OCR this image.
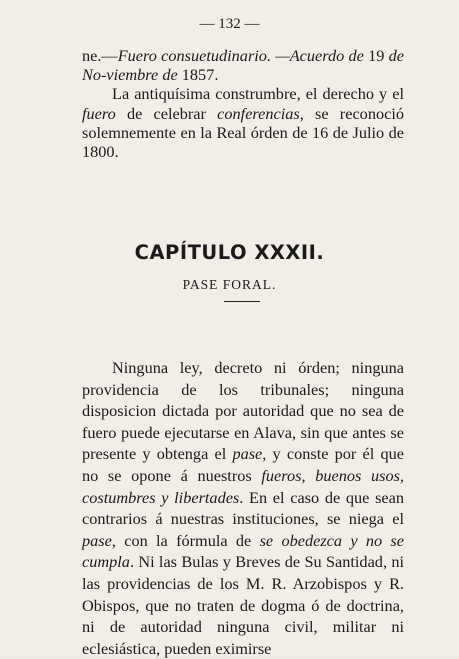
— 132 —

ne.—Fuero consuetudinario. —Acuerdo de 19 de No-viembre de 1857.

La antiquísima construmbre, el derecho y el fuero de celebrar conferencias, se reconoció solemnemente en la Real órden de 16 de Julio de 1800.

CAPÍTULO XXXII.
PASE FORAL.

Ninguna ley, decreto ni órden; ninguna providencia de los tribunales; ninguna disposicion dictada por autoridad que no sea de fuero puede ejecutarse en Alava, sin que antes se presente y obtenga el pase, y conste por él que no se opone á nuestros fueros, buenos usos, costumbres y libertades. En el caso de que sean contrarios á nuestras instituciones, se niega el pase, con la fórmula de se obedezca y no se cumpla. Ni las Bulas y Breves de Su Santidad, ni las providencias de los M. R. Arzobispos y R. Obispos, que no traten de dogma ó de doctrina, ni de autoridad ninguna civil, militar ni eclesiástica, pueden eximirse
